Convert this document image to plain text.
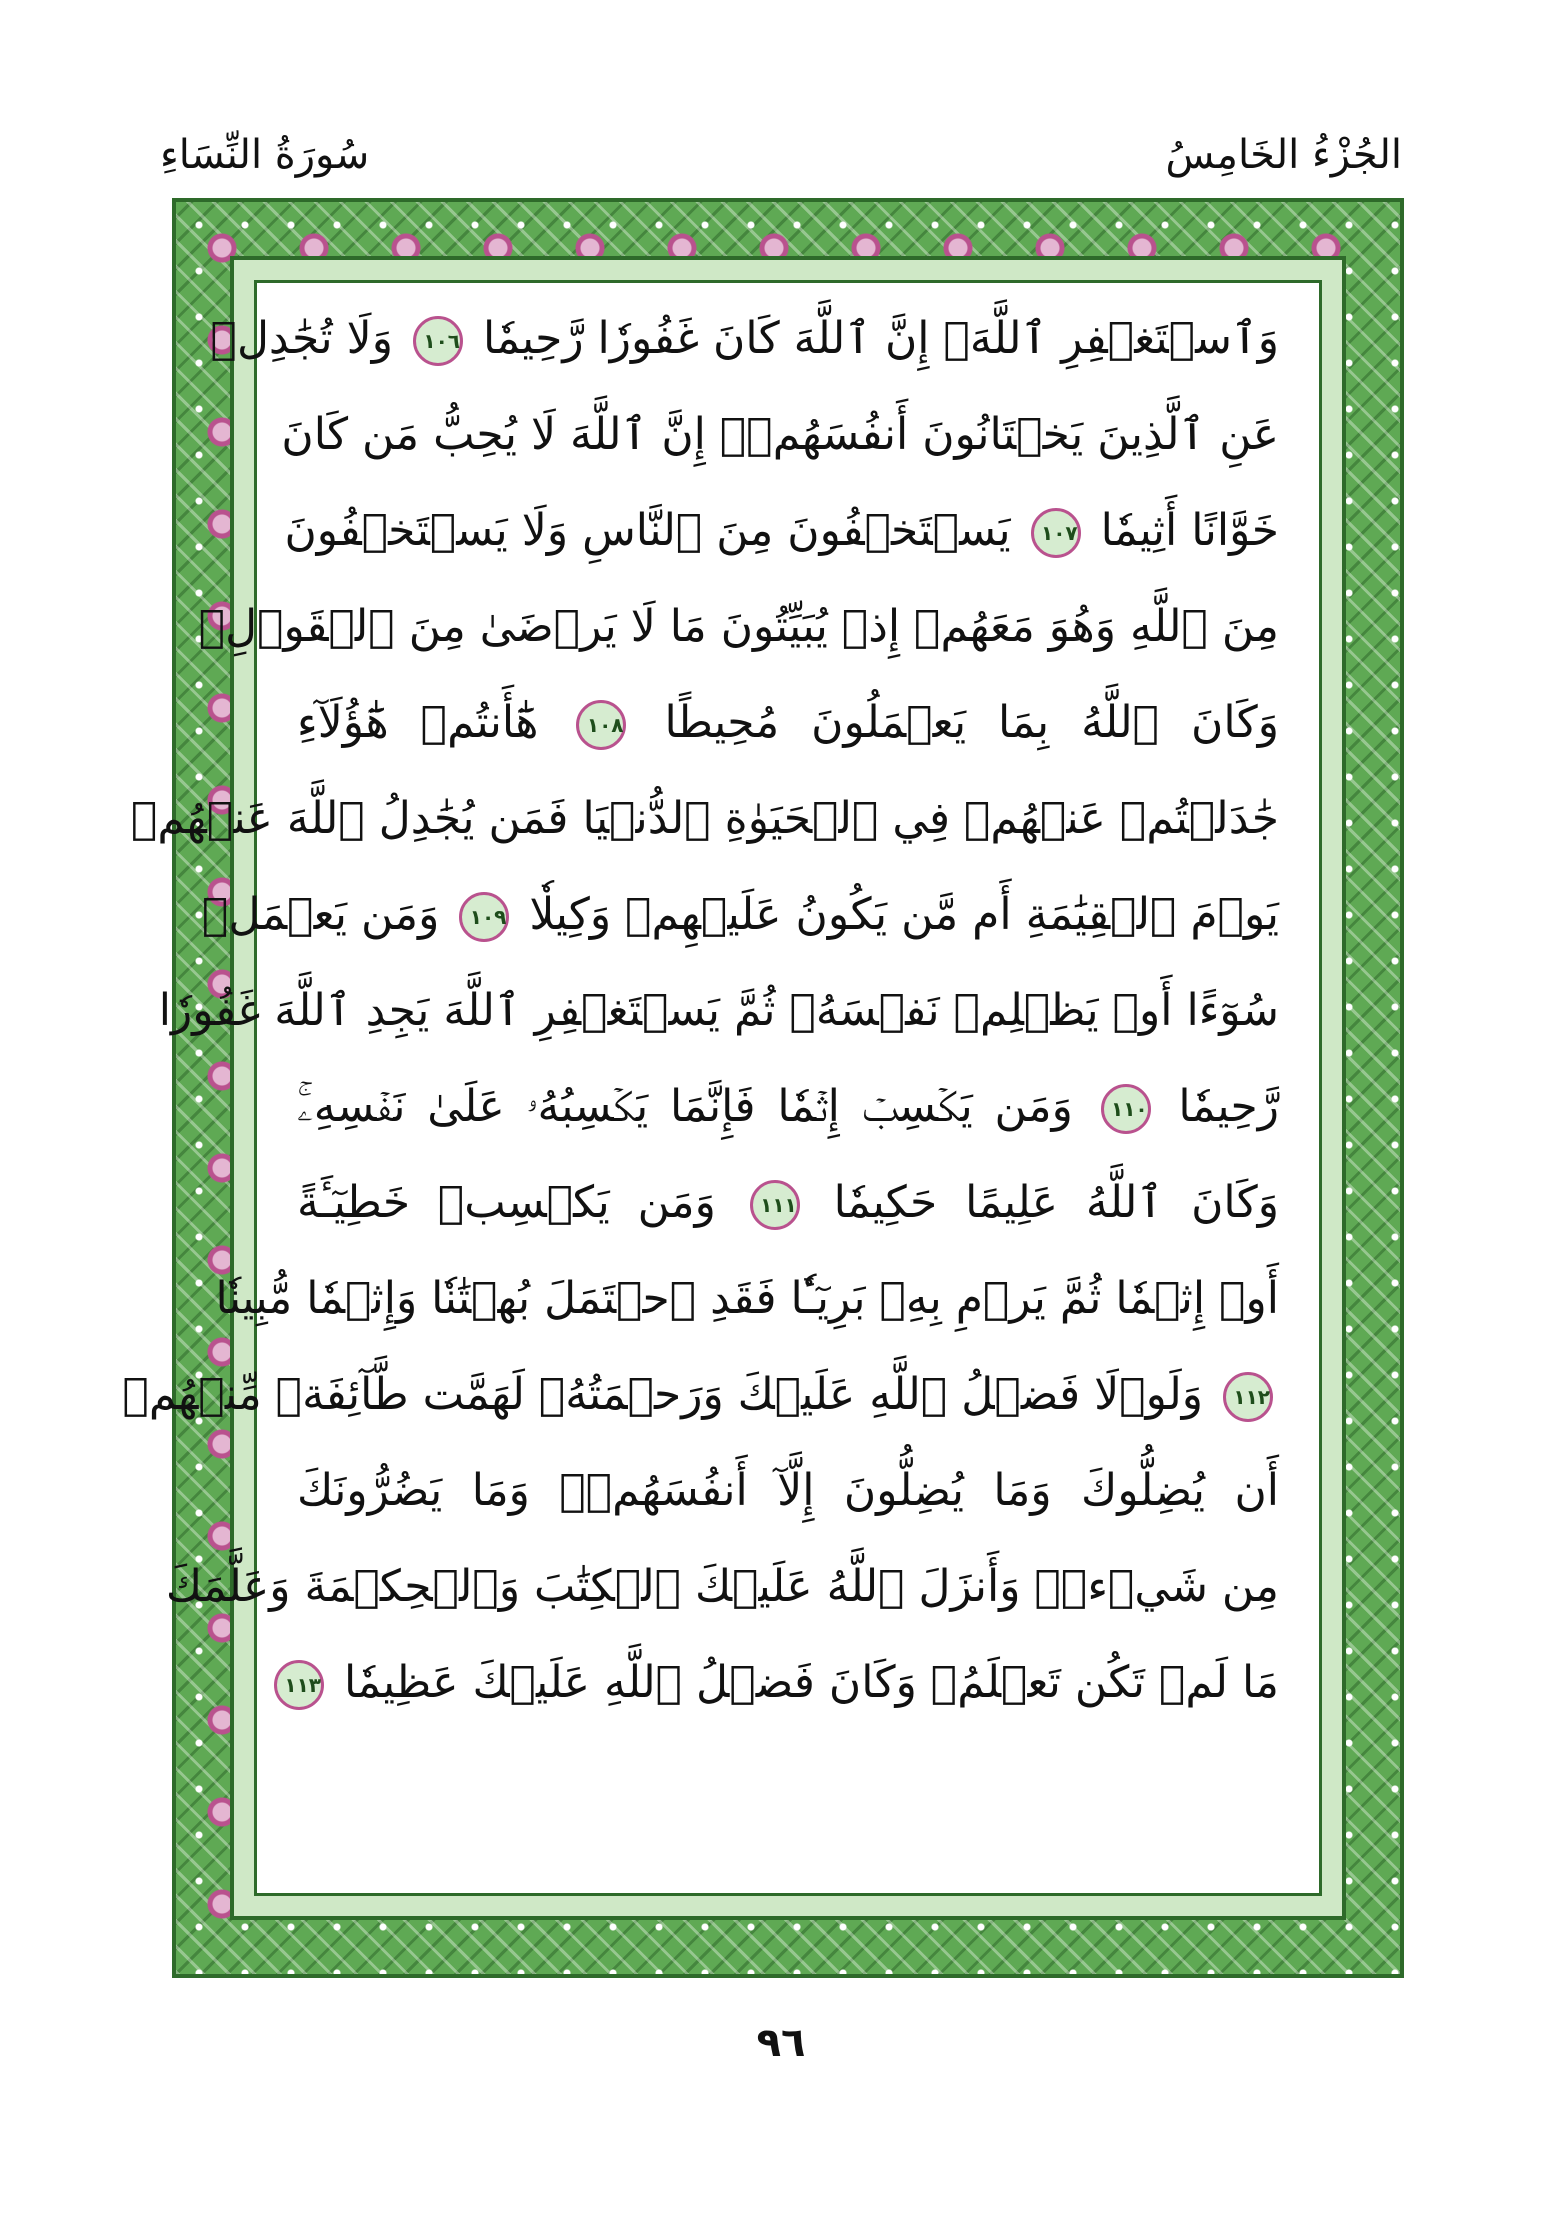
الجُزْءُ الخَامِسُ
سُورَةُ النِّسَاءِ
وَٱسۡتَغۡفِرِ ٱللَّهَۖ إِنَّ ٱللَّهَ كَانَ غَفُورٗا رَّحِيمٗا ١٠٦ وَلَا تُجَٰدِلۡ
عَنِ ٱلَّذِينَ يَخۡتَانُونَ أَنفُسَهُمۡۚ إِنَّ ٱللَّهَ لَا يُحِبُّ مَن كَانَ
خَوَّانًا أَثِيمٗا ١٠٧ يَسۡتَخۡفُونَ مِنَ ٱلنَّاسِ وَلَا يَسۡتَخۡفُونَ
مِنَ ٱللَّهِ وَهُوَ مَعَهُمۡ إِذۡ يُبَيِّتُونَ مَا لَا يَرۡضَىٰ مِنَ ٱلۡقَوۡلِۚ
وَكَانَ ٱللَّهُ بِمَا يَعۡمَلُونَ مُحِيطًا ١٠٨ هَٰٓأَنتُمۡ هَٰٓؤُلَآءِ
جَٰدَلۡتُمۡ عَنۡهُمۡ فِي ٱلۡحَيَوٰةِ ٱلدُّنۡيَا فَمَن يُجَٰدِلُ ٱللَّهَ عَنۡهُمۡ
يَوۡمَ ٱلۡقِيَٰمَةِ أَم مَّن يَكُونُ عَلَيۡهِمۡ وَكِيلٗا ١٠٩ وَمَن يَعۡمَلۡ
سُوٓءًا أَوۡ يَظۡلِمۡ نَفۡسَهُۥ ثُمَّ يَسۡتَغۡفِرِ ٱللَّهَ يَجِدِ ٱللَّهَ غَفُورٗا
رَّحِيمٗا ١١٠ وَمَن يَكۡسِبۡ إِثۡمٗا فَإِنَّمَا يَكۡسِبُهُۥ عَلَىٰ نَفۡسِهِۦۚ
وَكَانَ ٱللَّهُ عَلِيمًا حَكِيمٗا ١١١ وَمَن يَكۡسِبۡ خَطِيٓـَٔةً
أَوۡ إِثۡمٗا ثُمَّ يَرۡمِ بِهِۦ بَرِيٓـٔٗا فَقَدِ ٱحۡتَمَلَ بُهۡتَٰنٗا وَإِثۡمٗا مُّبِينٗا
١١٢ وَلَوۡلَا فَضۡلُ ٱللَّهِ عَلَيۡكَ وَرَحۡمَتُهُۥ لَهَمَّت طَّآئِفَةٞ مِّنۡهُمۡ
أَن يُضِلُّوكَ وَمَا يُضِلُّونَ إِلَّآ أَنفُسَهُمۡۖ وَمَا يَضُرُّونَكَ
مِن شَيۡءٖۚ وَأَنزَلَ ٱللَّهُ عَلَيۡكَ ٱلۡكِتَٰبَ وَٱلۡحِكۡمَةَ وَعَلَّمَكَ
مَا لَمۡ تَكُن تَعۡلَمُۚ وَكَانَ فَضۡلُ ٱللَّهِ عَلَيۡكَ عَظِيمٗا ١١٣
٩٦
